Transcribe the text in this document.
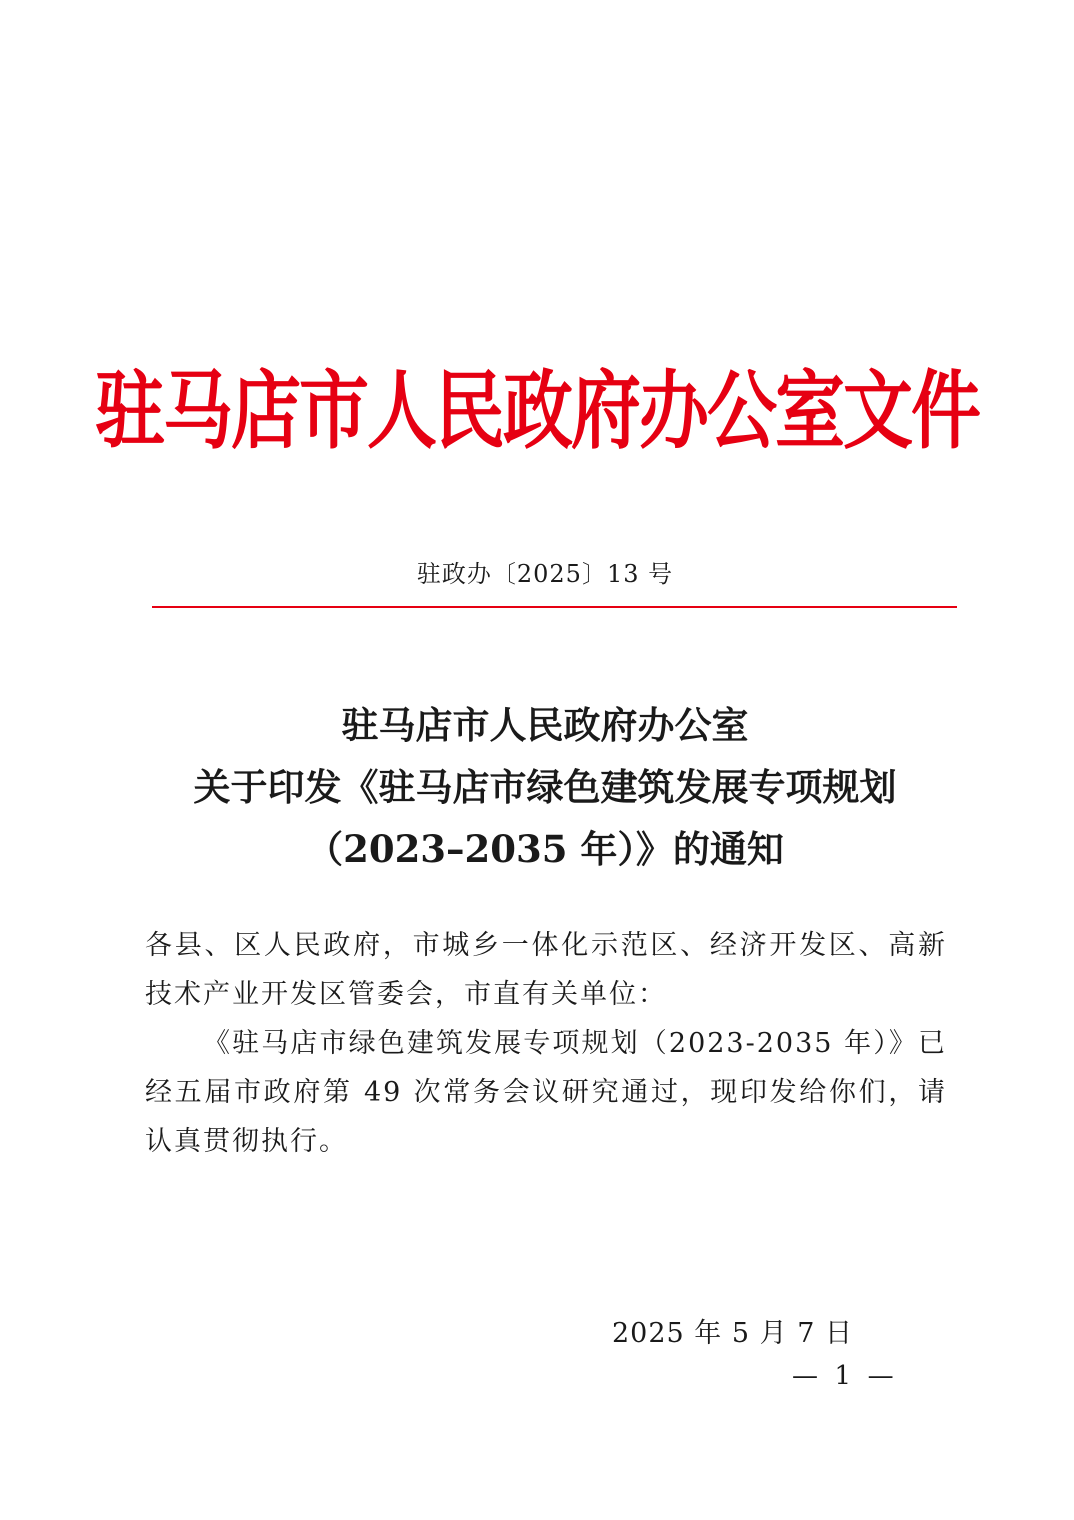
驻马店市人民政府办公室文件
驻政办〔2025〕13 号
驻马店市人民政府办公室
关于印发《驻马店市绿色建筑发展专项规划
（2023–2035 年）》的通知

各县、区人民政府，市城乡一体化示范区、经济开发区、高新技术产业开发区管委会，市直有关单位：

《驻马店市绿色建筑发展专项规划（2023-2035 年）》已经五届市政府第 49 次常务会议研究通过，现印发给你们，请认真贯彻执行。

2025 年 5 月 7 日
—  1  —
